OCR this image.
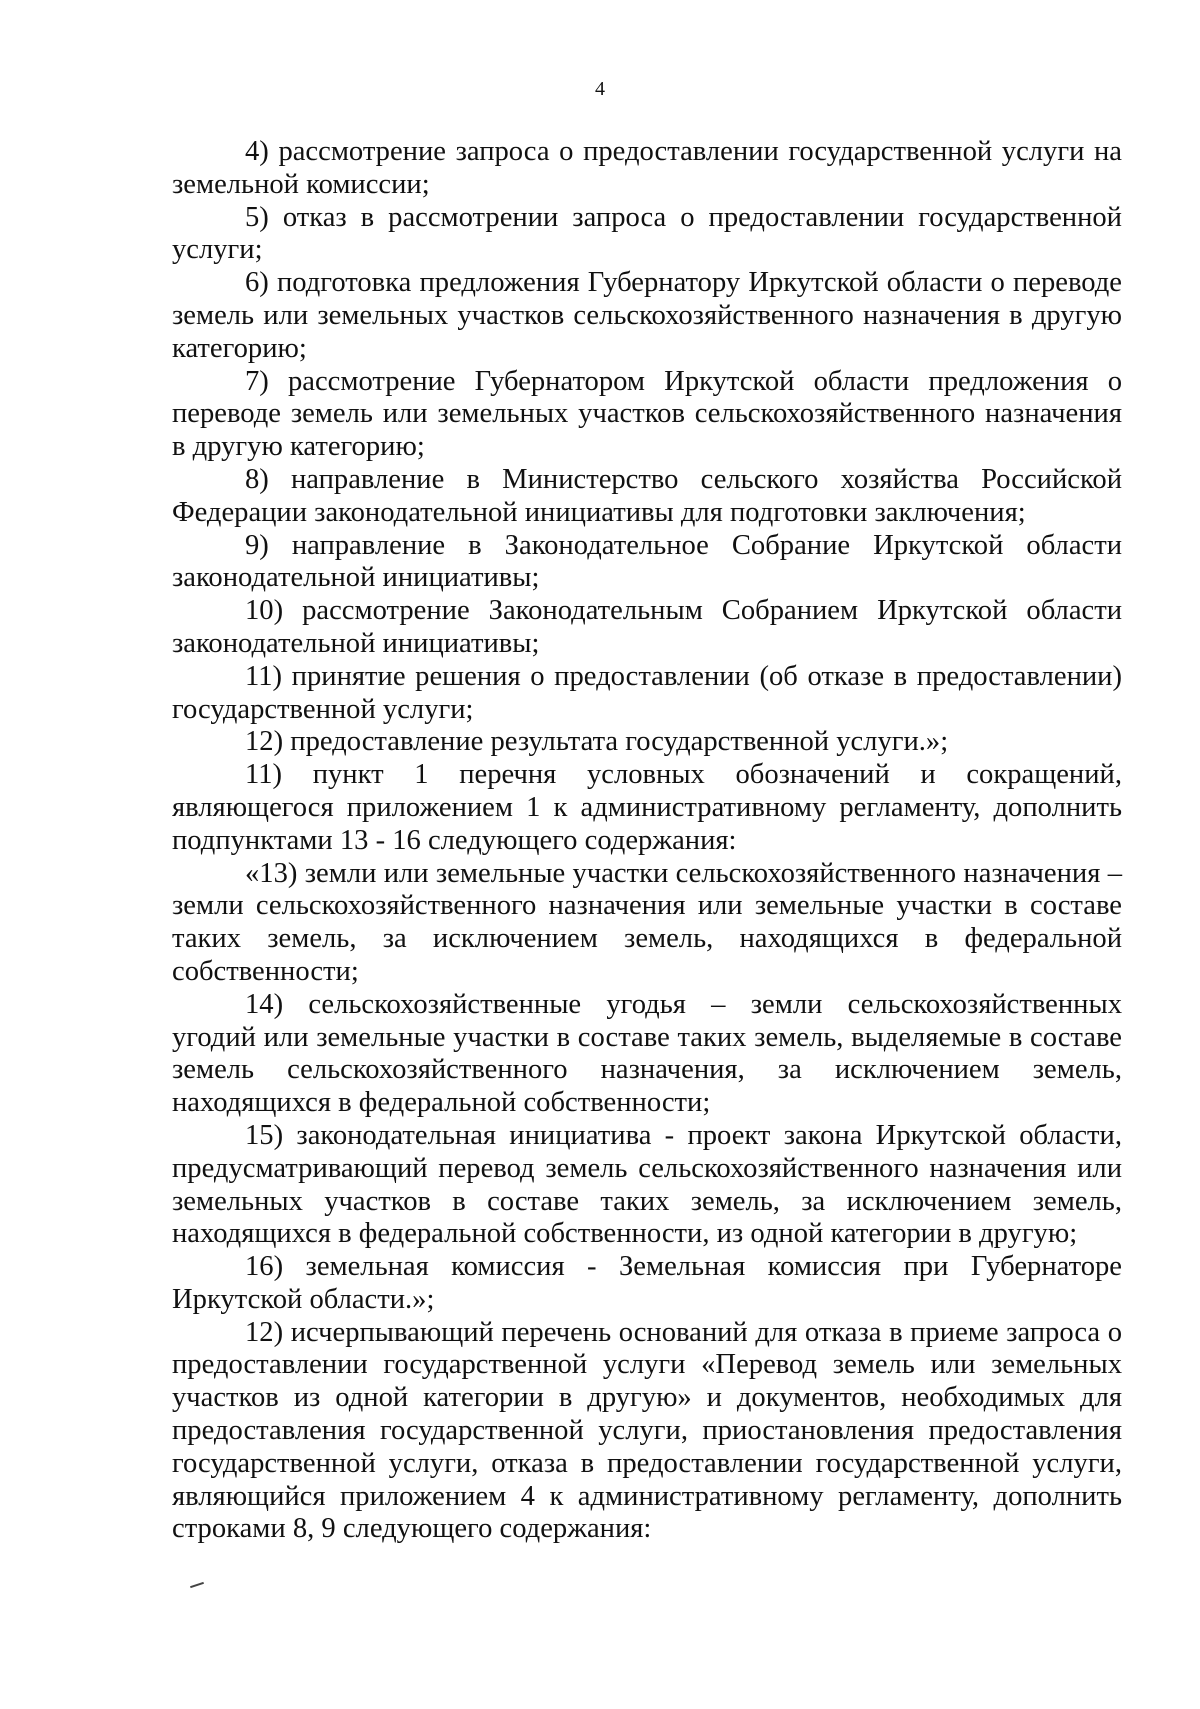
4

4) рассмотрение запроса о предоставлении государственной услуги на земельной комиссии;

5) отказ в рассмотрении запроса о предоставлении государственной услуги;

6) подготовка предложения Губернатору Иркутской области о переводе земель или земельных участков сельскохозяйственного назначения в другую категорию;

7) рассмотрение Губернатором Иркутской области предложения о переводе земель или земельных участков сельскохозяйственного назначения в другую категорию;

8) направление в Министерство сельского хозяйства Российской Федерации законодательной инициативы для подготовки заключения;

9) направление в Законодательное Собрание Иркутской области законодательной инициативы;

10) рассмотрение Законодательным Собранием Иркутской области законодательной инициативы;

11) принятие решения о предоставлении (об отказе в предоставлении) государственной услуги;

12) предоставление результата государственной услуги.»;

11) пункт 1 перечня условных обозначений и сокращений, являющегося приложением 1 к административному регламенту, дополнить подпунктами 13 - 16 следующего содержания:

«13) земли или земельные участки сельскохозяйственного назначения – земли сельскохозяйственного назначения или земельные участки в составе таких земель, за исключением земель, находящихся в федеральной собственности;

14) сельскохозяйственные угодья – земли сельскохозяйственных угодий или земельные участки в составе таких земель, выделяемые в составе земель сельскохозяйственного назначения, за исключением земель, находящихся в федеральной собственности;

15) законодательная инициатива - проект закона Иркутской области, предусматривающий перевод земель сельскохозяйственного назначения или земельных участков в составе таких земель, за исключением земель, находящихся в федеральной собственности, из одной категории в другую;

16) земельная комиссия - Земельная комиссия при Губернаторе Иркутской области.»;

12) исчерпывающий перечень оснований для отказа в приеме запроса о предоставлении государственной услуги «Перевод земель или земельных участков из одной категории в другую» и документов, необходимых для предоставления государственной услуги, приостановления предоставления государственной услуги, отказа в предоставлении государственной услуги, являющийся приложением 4 к административному регламенту, дополнить строками 8, 9 следующего содержания:
